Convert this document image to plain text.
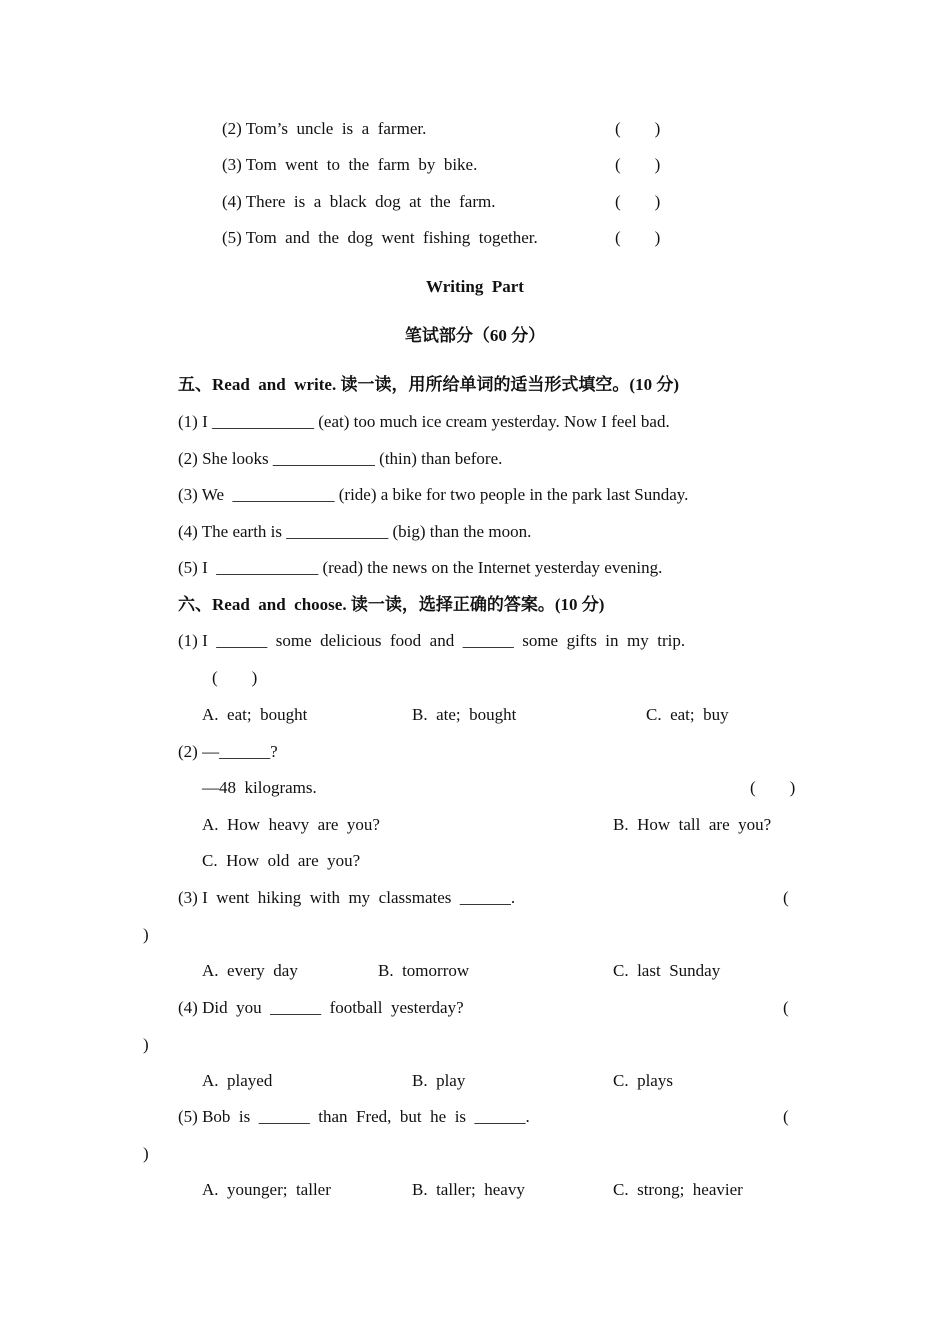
(2) Tom’s  uncle  is  a  farmer.	(　　)
(3) Tom  went  to  the  farm  by  bike.	(　　)
(4) There  is  a  black  dog  at  the  farm.	(　　)
(5) Tom  and  the  dog  went  fishing  together.	(　　)
Writing  Part
笔试部分（60 分）
五、Read  and  write. 读一读，用所给单词的适当形式填空。(10 分)
(1) I ____________ (eat) too much ice cream yesterday. Now I feel bad.
(2) She looks ____________ (thin) than before.
(3) We  ____________ (ride) a bike for two people in the park last Sunday.
(4) The earth is ____________ (big) than the moon.
(5) I  ____________ (read) the news on the Internet yesterday evening.
六、Read  and  choose. 读一读，选择正确的答案。(10 分)
(1) I  ______  some  delicious  food  and  ______  some  gifts  in  my  trip.
(　　)
A.  eat;  bought	B.  ate;  bought	C.  eat;  buy
(2) —______?
—48  kilograms.	(　　)
A.  How  heavy  are  you?	B.  How  tall  are  you?
C.  How  old  are  you?
(3) I  went  hiking  with  my  classmates  ______.	(
)
A.  every  day	B.  tomorrow	C.  last  Sunday
(4) Did  you  ______  football  yesterday?	(
)
A.  played	B.  play	C.  plays
(5) Bob  is  ______  than  Fred,  but  he  is  ______.	(
)
A.  younger;  taller	B.  taller;  heavy	C.  strong;  heavier
